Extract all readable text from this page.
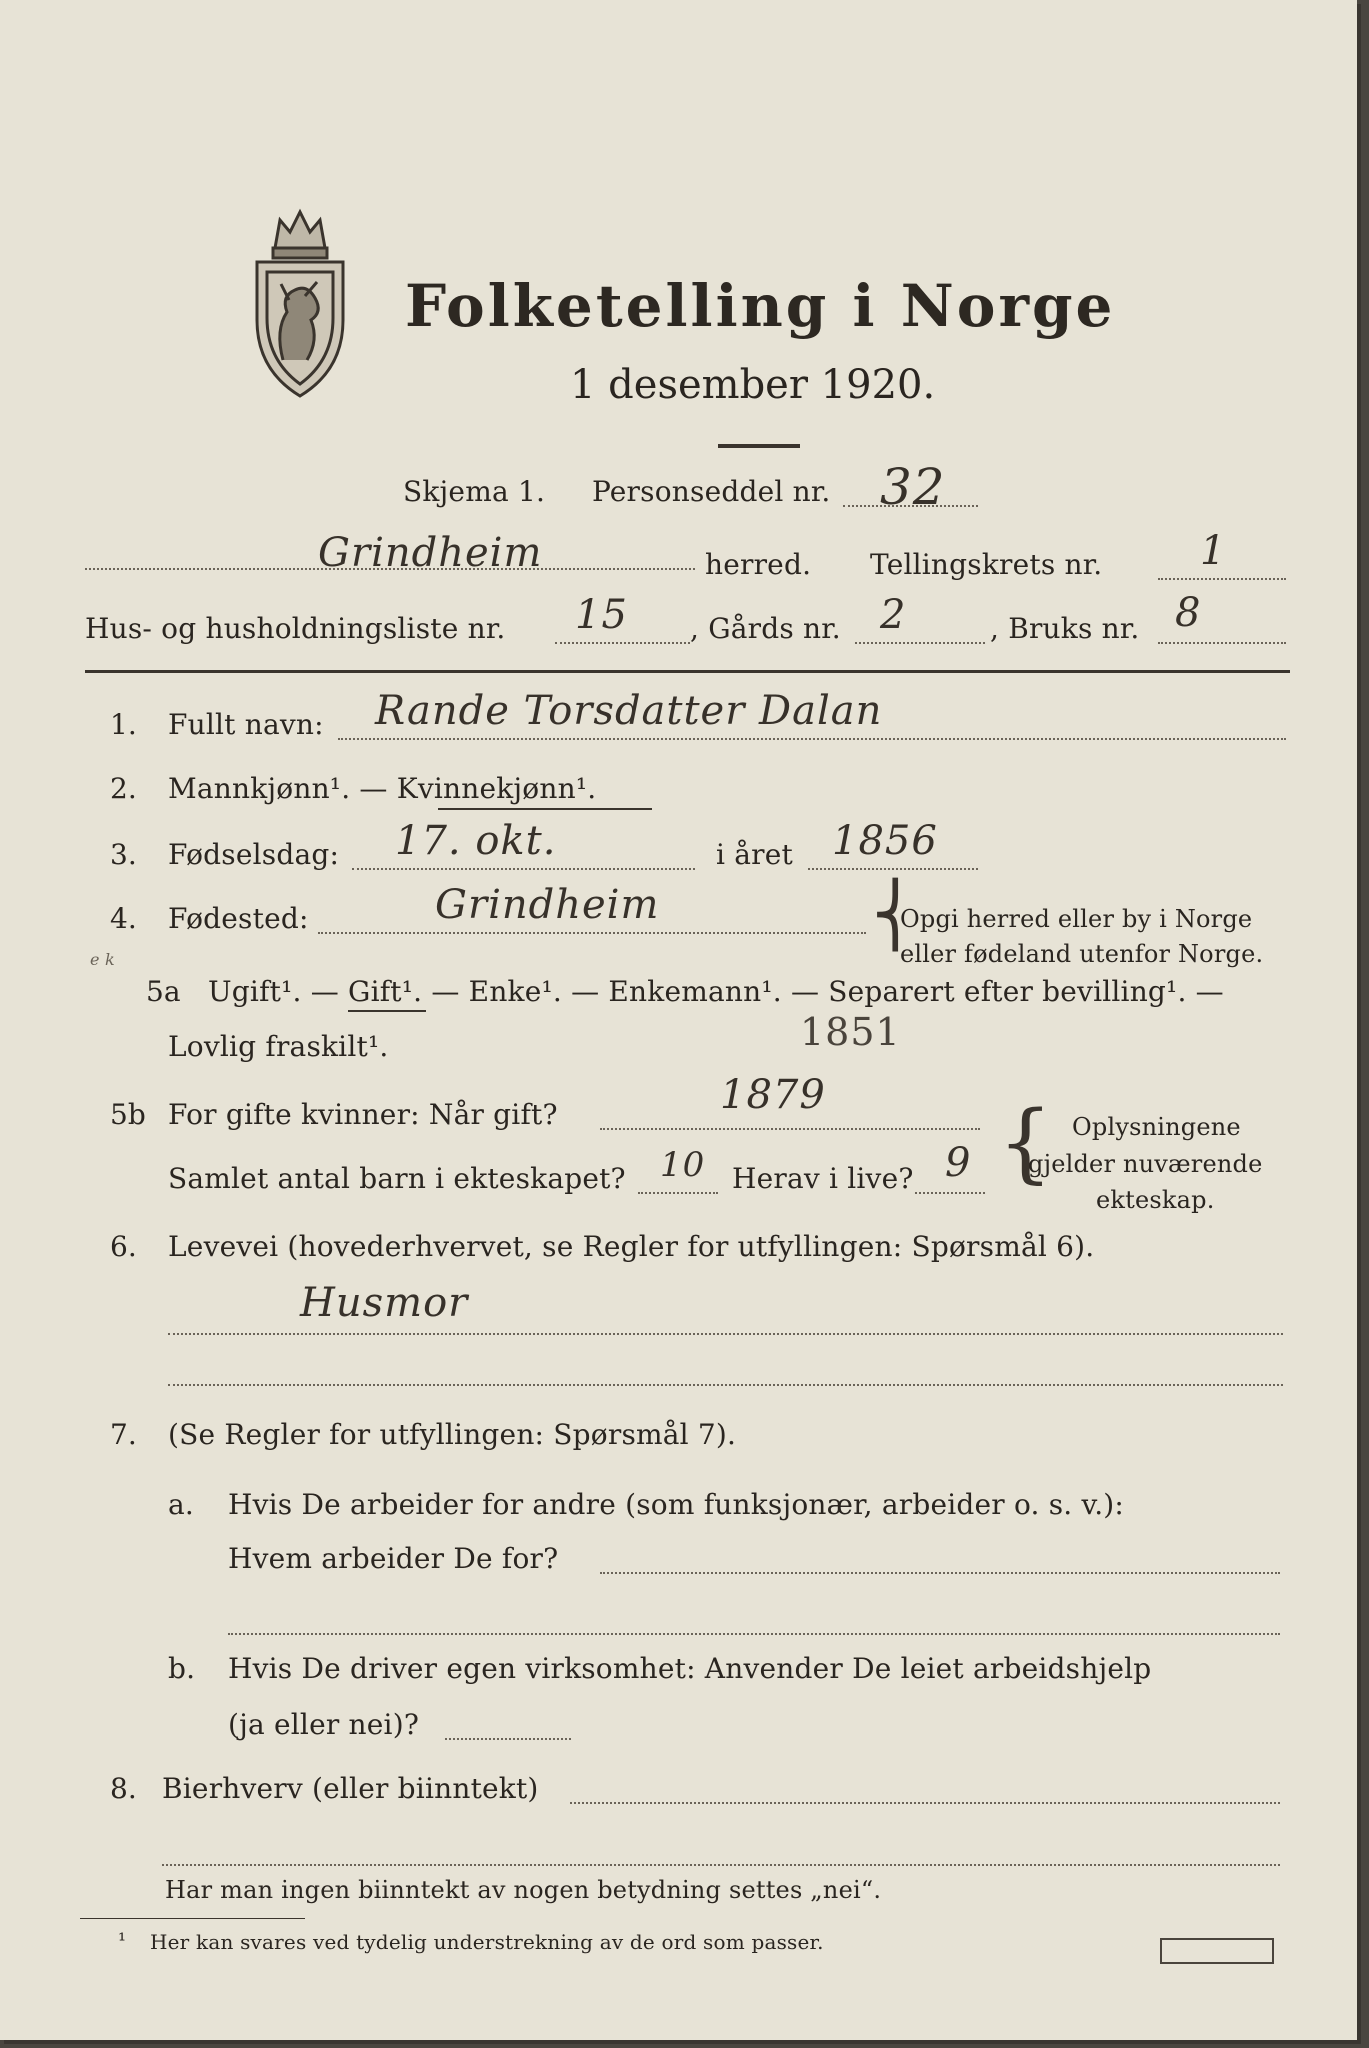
Folketelling i Norge
1 desember 1920.
Skjema 1. Personseddel nr. 32
Grindheim	herred. Tellingskrets nr. 1
Hus- og husholdningsliste nr. 15 , Gårds nr. 2	, Bruks nr. 8
1. Fullt navn: Rande Torsdatter Dalan
2. Mannkjønn¹. — Kvinnekjønn¹.
3. Fødselsdag: 17. okt.	i året 1856
4. Fødested:	Grindheim	⎨
Opgi herred eller by i Norge
eller fødeland utenfor Norge.
e k
5a Ugift¹. — Gift¹. — Enke¹. — Enkemann¹. — Separert efter bevilling¹. —
1851
Lovlig fraskilt¹.
5b For gifte kvinner: Når gift?	1879
Samlet antal barn i ekteskapet? 10 Herav i live? 9 { Oplysningene
gjelder nuværende
ekteskap.
6. Levevei (hovederhvervet, se Regler for utfyllingen: Spørsmål 6).
Husmor
7. (Se Regler for utfyllingen: Spørsmål 7).
a. Hvis De arbeider for andre (som funksjonær, arbeider o. s. v.):
Hvem arbeider De for?
b. Hvis De driver egen virksomhet: Anvender De leiet arbeidshjelp
(ja eller nei)?
8. Bierhverv (eller biinntekt)
Har man ingen biinntekt av nogen betydning settes „nei“.
¹ Her kan svares ved tydelig understrekning av de ord som passer.
